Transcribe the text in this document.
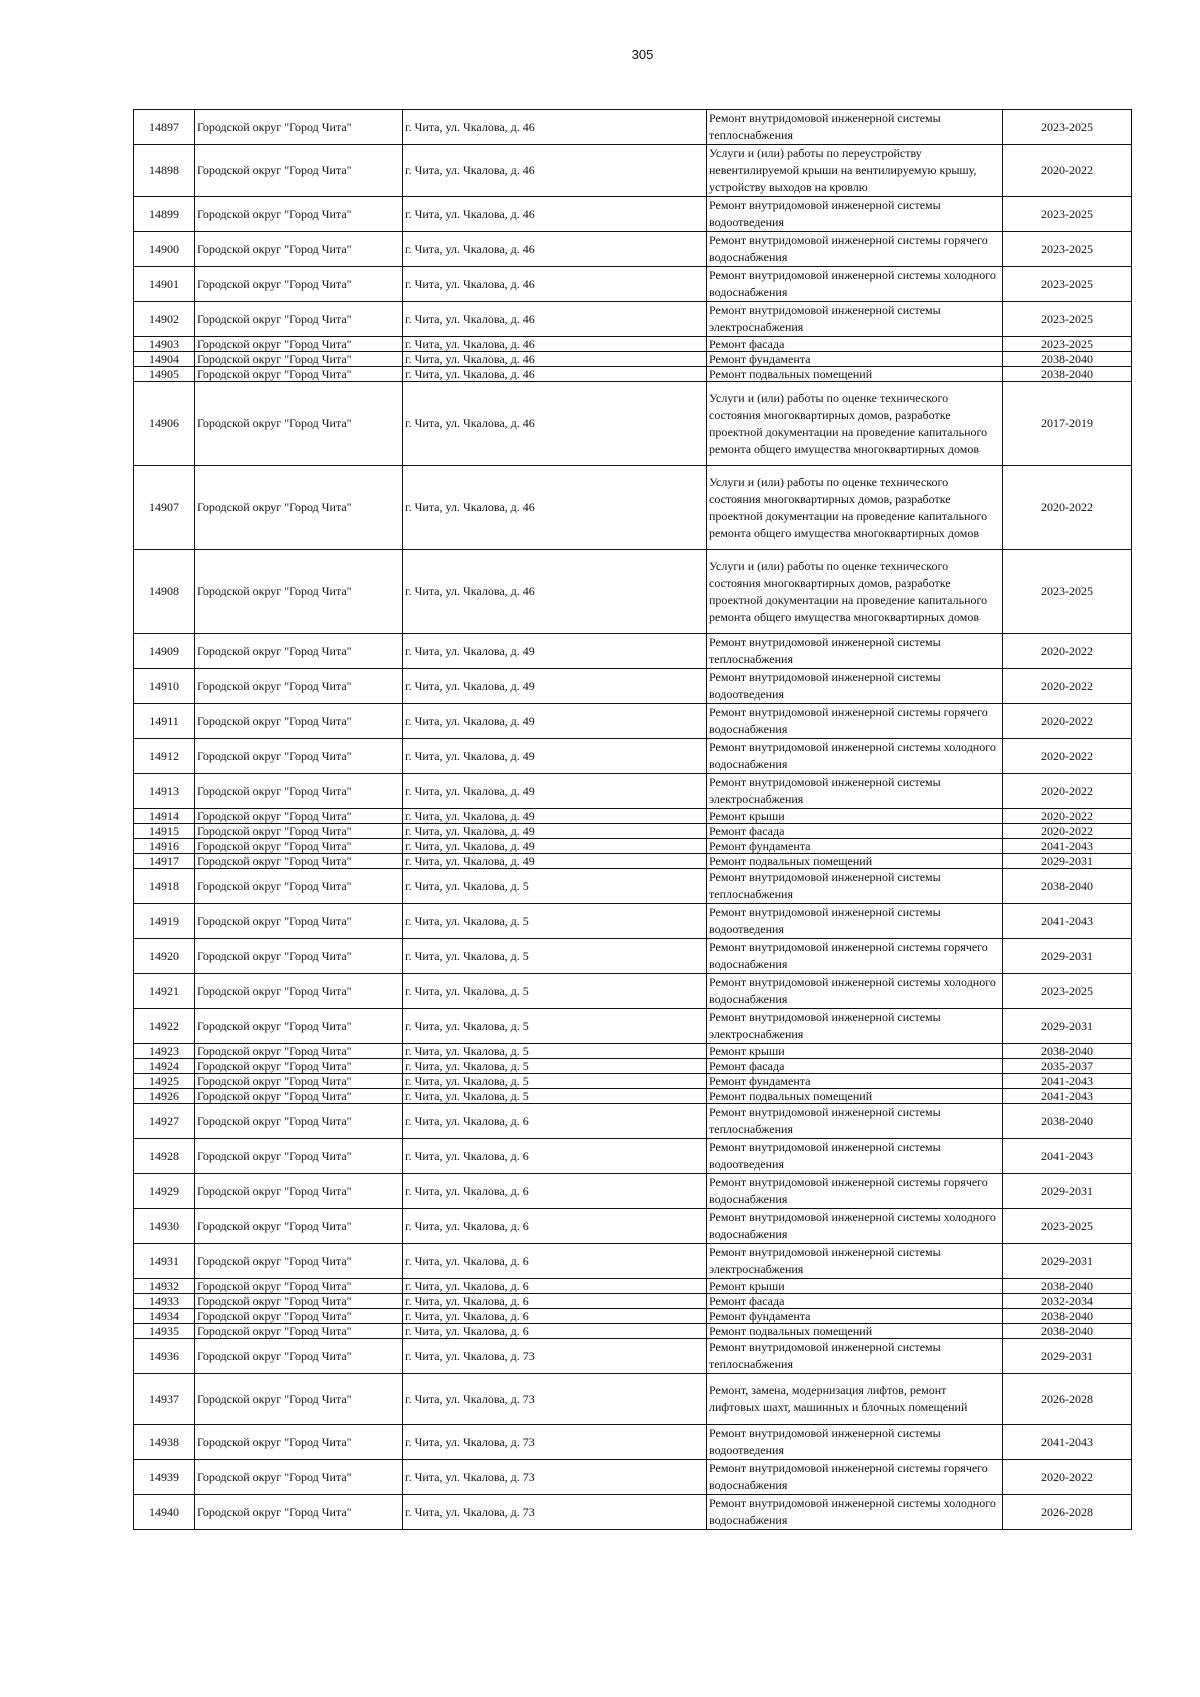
305
14897	Городской округ "Город Чита"	г. Чита, ул. Чкалова, д. 46	Ремонт внутридомовой инженерной системы теплоснабжения	2023-2025
14898	Городской округ "Город Чита"	г. Чита, ул. Чкалова, д. 46	Услуги и (или) работы по переустройству невентилируемой крыши на вентилируемую крышу, устройству выходов на кровлю	2020-2022
14899	Городской округ "Город Чита"	г. Чита, ул. Чкалова, д. 46	Ремонт внутридомовой инженерной системы водоотведения	2023-2025
14900	Городской округ "Город Чита"	г. Чита, ул. Чкалова, д. 46	Ремонт внутридомовой инженерной системы горячего водоснабжения	2023-2025
14901	Городской округ "Город Чита"	г. Чита, ул. Чкалова, д. 46	Ремонт внутридомовой инженерной системы холодного водоснабжения	2023-2025
14902	Городской округ "Город Чита"	г. Чита, ул. Чкалова, д. 46	Ремонт внутридомовой инженерной системы электроснабжения	2023-2025
14903	Городской округ "Город Чита"	г. Чита, ул. Чкалова, д. 46	Ремонт фасада	2023-2025
14904	Городской округ "Город Чита"	г. Чита, ул. Чкалова, д. 46	Ремонт фундамента	2038-2040
14905	Городской округ "Город Чита"	г. Чита, ул. Чкалова, д. 46	Ремонт подвальных помещений	2038-2040
14906	Городской округ "Город Чита"	г. Чита, ул. Чкалова, д. 46	Услуги и (или) работы по оценке технического состояния многоквартирных домов, разработке проектной документации на проведение капитального ремонта общего имущества многоквартирных домов	2017-2019
14907	Городской округ "Город Чита"	г. Чита, ул. Чкалова, д. 46	Услуги и (или) работы по оценке технического состояния многоквартирных домов, разработке проектной документации на проведение капитального ремонта общего имущества многоквартирных домов	2020-2022
14908	Городской округ "Город Чита"	г. Чита, ул. Чкалова, д. 46	Услуги и (или) работы по оценке технического состояния многоквартирных домов, разработке проектной документации на проведение капитального ремонта общего имущества многоквартирных домов	2023-2025
14909	Городской округ "Город Чита"	г. Чита, ул. Чкалова, д. 49	Ремонт внутридомовой инженерной системы теплоснабжения	2020-2022
14910	Городской округ "Город Чита"	г. Чита, ул. Чкалова, д. 49	Ремонт внутридомовой инженерной системы водоотведения	2020-2022
14911	Городской округ "Город Чита"	г. Чита, ул. Чкалова, д. 49	Ремонт внутридомовой инженерной системы горячего водоснабжения	2020-2022
14912	Городской округ "Город Чита"	г. Чита, ул. Чкалова, д. 49	Ремонт внутридомовой инженерной системы холодного водоснабжения	2020-2022
14913	Городской округ "Город Чита"	г. Чита, ул. Чкалова, д. 49	Ремонт внутридомовой инженерной системы электроснабжения	2020-2022
14914	Городской округ "Город Чита"	г. Чита, ул. Чкалова, д. 49	Ремонт крыши	2020-2022
14915	Городской округ "Город Чита"	г. Чита, ул. Чкалова, д. 49	Ремонт фасада	2020-2022
14916	Городской округ "Город Чита"	г. Чита, ул. Чкалова, д. 49	Ремонт фундамента	2041-2043
14917	Городской округ "Город Чита"	г. Чита, ул. Чкалова, д. 49	Ремонт подвальных помещений	2029-2031
14918	Городской округ "Город Чита"	г. Чита, ул. Чкалова, д. 5	Ремонт внутридомовой инженерной системы теплоснабжения	2038-2040
14919	Городской округ "Город Чита"	г. Чита, ул. Чкалова, д. 5	Ремонт внутридомовой инженерной системы водоотведения	2041-2043
14920	Городской округ "Город Чита"	г. Чита, ул. Чкалова, д. 5	Ремонт внутридомовой инженерной системы горячего водоснабжения	2029-2031
14921	Городской округ "Город Чита"	г. Чита, ул. Чкалова, д. 5	Ремонт внутридомовой инженерной системы холодного водоснабжения	2023-2025
14922	Городской округ "Город Чита"	г. Чита, ул. Чкалова, д. 5	Ремонт внутридомовой инженерной системы электроснабжения	2029-2031
14923	Городской округ "Город Чита"	г. Чита, ул. Чкалова, д. 5	Ремонт крыши	2038-2040
14924	Городской округ "Город Чита"	г. Чита, ул. Чкалова, д. 5	Ремонт фасада	2035-2037
14925	Городской округ "Город Чита"	г. Чита, ул. Чкалова, д. 5	Ремонт фундамента	2041-2043
14926	Городской округ "Город Чита"	г. Чита, ул. Чкалова, д. 5	Ремонт подвальных помещений	2041-2043
14927	Городской округ "Город Чита"	г. Чита, ул. Чкалова, д. 6	Ремонт внутридомовой инженерной системы теплоснабжения	2038-2040
14928	Городской округ "Город Чита"	г. Чита, ул. Чкалова, д. 6	Ремонт внутридомовой инженерной системы водоотведения	2041-2043
14929	Городской округ "Город Чита"	г. Чита, ул. Чкалова, д. 6	Ремонт внутридомовой инженерной системы горячего водоснабжения	2029-2031
14930	Городской округ "Город Чита"	г. Чита, ул. Чкалова, д. 6	Ремонт внутридомовой инженерной системы холодного водоснабжения	2023-2025
14931	Городской округ "Город Чита"	г. Чита, ул. Чкалова, д. 6	Ремонт внутридомовой инженерной системы электроснабжения	2029-2031
14932	Городской округ "Город Чита"	г. Чита, ул. Чкалова, д. 6	Ремонт крыши	2038-2040
14933	Городской округ "Город Чита"	г. Чита, ул. Чкалова, д. 6	Ремонт фасада	2032-2034
14934	Городской округ "Город Чита"	г. Чита, ул. Чкалова, д. 6	Ремонт фундамента	2038-2040
14935	Городской округ "Город Чита"	г. Чита, ул. Чкалова, д. 6	Ремонт подвальных помещений	2038-2040
14936	Городской округ "Город Чита"	г. Чита, ул. Чкалова, д. 73	Ремонт внутридомовой инженерной системы теплоснабжения	2029-2031
14937	Городской округ "Город Чита"	г. Чита, ул. Чкалова, д. 73	Ремонт, замена, модернизация лифтов, ремонт лифтовых шахт, машинных и блочных помещений	2026-2028
14938	Городской округ "Город Чита"	г. Чита, ул. Чкалова, д. 73	Ремонт внутридомовой инженерной системы водоотведения	2041-2043
14939	Городской округ "Город Чита"	г. Чита, ул. Чкалова, д. 73	Ремонт внутридомовой инженерной системы горячего водоснабжения	2020-2022
14940	Городской округ "Город Чита"	г. Чита, ул. Чкалова, д. 73	Ремонт внутридомовой инженерной системы холодного водоснабжения	2026-2028
